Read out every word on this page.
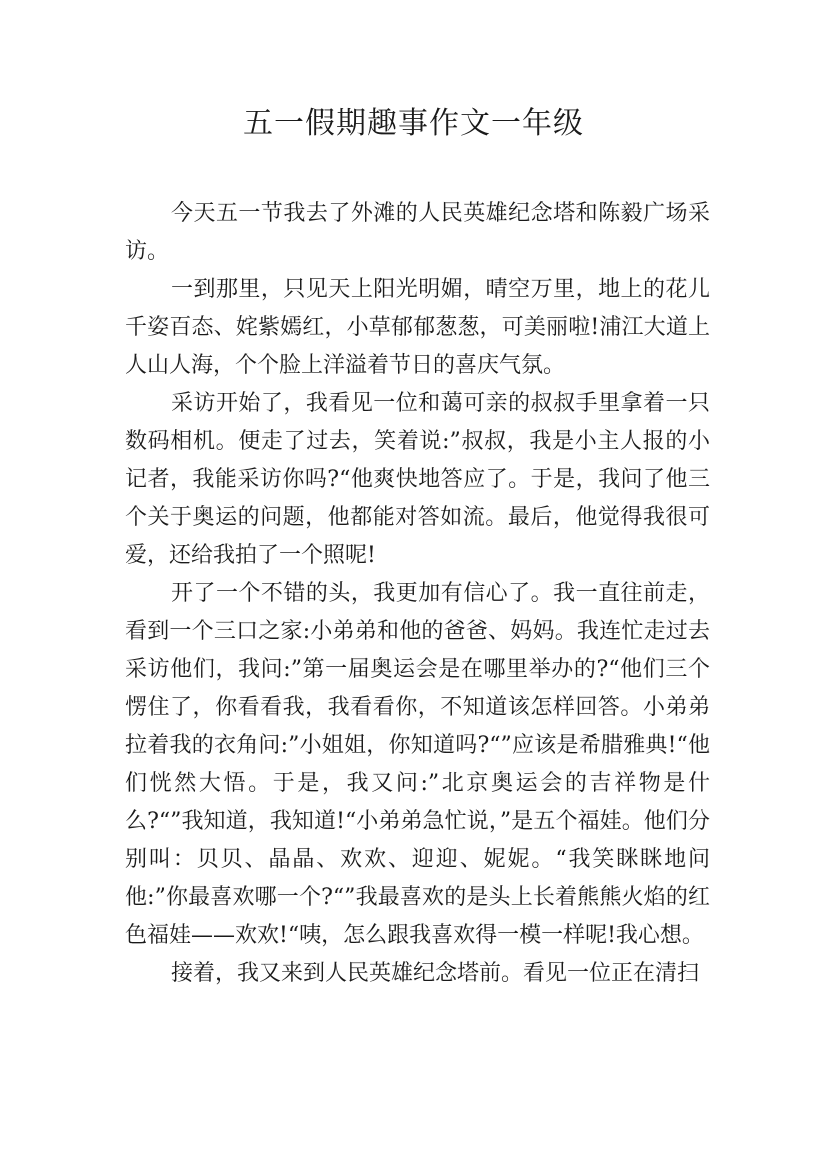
五一假期趣事作文一年级

今天五一节我去了外滩的人民英雄纪念塔和陈毅广场采访。

一到那里，只见天上阳光明媚，晴空万里，地上的花儿千姿百态、姹紫嫣红，小草郁郁葱葱，可美丽啦!浦江大道上人山人海，个个脸上洋溢着节日的喜庆气氛。

采访开始了，我看见一位和蔼可亲的叔叔手里拿着一只数码相机。便走了过去，笑着说:”叔叔，我是小主人报的小记者，我能采访你吗?“他爽快地答应了。于是，我问了他三个关于奥运的问题，他都能对答如流。最后，他觉得我很可爱，还给我拍了一个照呢!

开了一个不错的头，我更加有信心了。我一直往前走，看到一个三口之家:小弟弟和他的爸爸、妈妈。我连忙走过去采访他们，我问:”第一届奥运会是在哪里举办的?“他们三个愣住了，你看看我，我看看你，不知道该怎样回答。小弟弟拉着我的衣角问:”小姐姐，你知道吗?“”应该是希腊雅典!“他们恍然大悟。于是，我又问:”北京奥运会的吉祥物是什么?“”我知道，我知道!“小弟弟急忙说，”是五个福娃。他们分别叫：贝贝、晶晶、欢欢、迎迎、妮妮。“我笑眯眯地问他:”你最喜欢哪一个?“”我最喜欢的是头上长着熊熊火焰的红色福娃——欢欢!“咦，怎么跟我喜欢得一模一样呢!我心想。

接着，我又来到人民英雄纪念塔前。看见一位正在清扫
